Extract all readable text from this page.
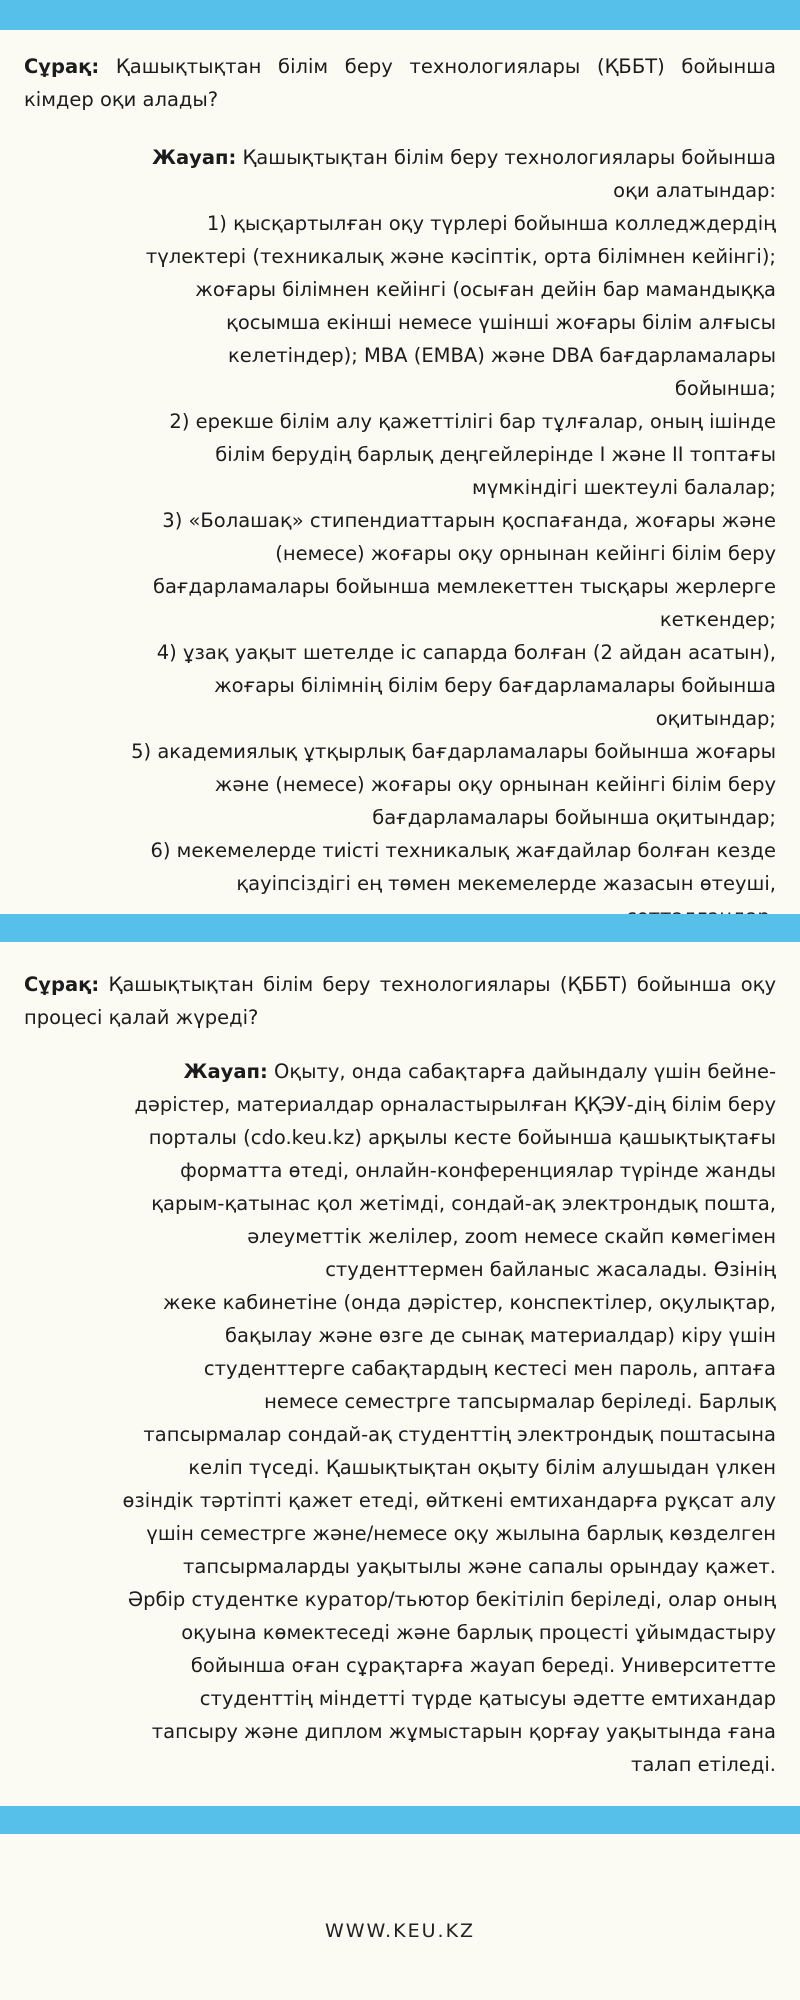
Сұрақ: Қашықтықтан білім беру технологиялары (ҚББТ) бойынша кімдер оқи алады?
Жауап: Қашықтықтан білім беру технологиялары бойынша
оқи алатындар:
1) қысқартылған оқу түрлері бойынша колледждердің
түлектері (техникалық және кәсіптік, орта білімнен кейінгі);
жоғары білімнен кейінгі (осыған дейін бар мамандыққа
қосымша екінші немесе үшінші жоғары білім алғысы
келетіндер); MBA (EMBA) және DBA бағдарламалары
бойынша;
2) ерекше білім алу қажеттілігі бар тұлғалар, оның ішінде
білім берудің барлық деңгейлерінде I және II топтағы
мүмкіндігі шектеулі балалар;
3) «Болашақ» стипендиаттарын қоспағанда, жоғары және
(немесе) жоғары оқу орнынан кейінгі білім беру
бағдарламалары бойынша мемлекеттен тысқары жерлерге
кеткендер;
4) ұзақ уақыт шетелде іс сапарда болған (2 айдан асатын),
жоғары білімнің білім беру бағдарламалары бойынша
оқитындар;
5) академиялық ұтқырлық бағдарламалары бойынша жоғары
және (немесе) жоғары оқу орнынан кейінгі білім беру
бағдарламалары бойынша оқитындар;
6) мекемелерде тиісті техникалық жағдайлар болған кезде
қауіпсіздігі ең төмен мекемелерде жазасын өтеуші,
Сұрақ: Қашықтықтан білім беру технологиялары (ҚББТ) бойынша оқу процесі қалай жүреді?
Жауап: Оқыту, онда сабақтарға дайындалу үшін бейне-
дәрістер, материалдар орналастырылған ҚҚЭУ-дің білім беру
порталы (cdo.keu.kz) арқылы кесте бойынша қашықтықтағы
форматта өтеді, онлайн-конференциялар түрінде жанды
қарым-қатынас қол жетімді, сондай-ақ электрондық пошта,
әлеуметтік желілер, zoom немесе скайп көмегімен
студенттермен байланыс жасалады. Өзінің
жеке кабинетіне (онда дәрістер, конспектілер, оқулықтар,
бақылау және өзге де сынақ материалдар) кіру үшін
студенттерге сабақтардың кестесі мен пароль, аптаға
немесе семестрге тапсырмалар беріледі. Барлық
тапсырмалар сондай-ақ студенттің электрондық поштасына
келіп түседі. Қашықтықтан оқыту білім алушыдан үлкен
өзіндік тәртіпті қажет етеді, өйткені емтихандарға рұқсат алу
үшін семестрге және/немесе оқу жылына барлық көзделген
тапсырмаларды уақытылы және сапалы орындау қажет.
Әрбір студентке куратор/тьютор бекітіліп беріледі, олар оның
оқуына көмектеседі және барлық процесті ұйымдастыру
бойынша оған сұрақтарға жауап береді. Университетте
студенттің міндетті түрде қатысуы әдетте емтихандар
тапсыру және диплом жұмыстарын қорғау уақытында ғана
талап етіледі.
WWW.KEU.KZ
